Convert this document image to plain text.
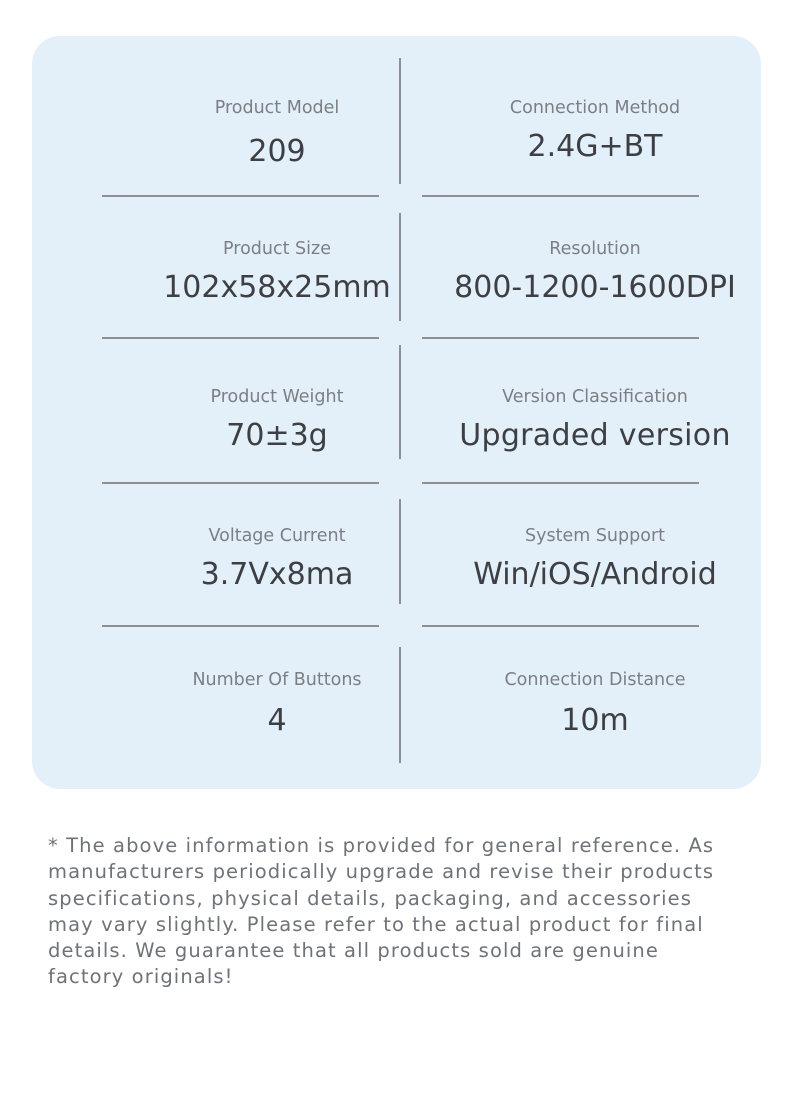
Product Model
209
Connection Method
2.4G+BT
Product Size
102x58x25mm
Resolution
800-1200-1600DPI
Product Weight
70±3g
Version Classification
Upgraded version
Voltage Current
3.7Vx8ma
System Support
Win/iOS/Android
Number Of Buttons
4
Connection Distance
10m

* The above information is provided for general reference. As
manufacturers periodically upgrade and revise their products
specifications, physical details, packaging, and accessories
may vary slightly. Please refer to the actual product for final
details. We guarantee that all products sold are genuine
factory originals!
